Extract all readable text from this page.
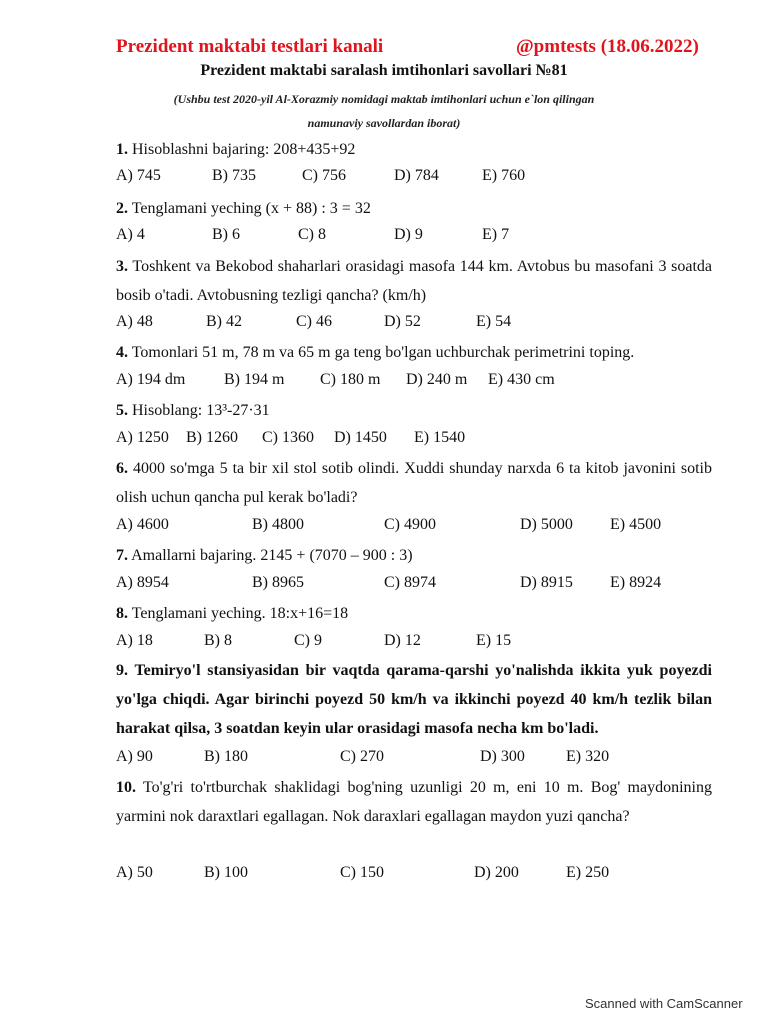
Prezident maktabi testlari kanali	@pmtests (18.06.2022)
Prezident maktabi saralash imtihonlari savollari №81
(Ushbu test 2020-yil Al-Xorazmiy nomidagi maktab imtihonlari uchun e`lon qilingan
namunaviy savollardan iborat)
1. Hisoblashni bajaring: 208+435+92
A) 745	B) 735	C) 756	D) 784	E) 760
2. Tenglamani yeching (x + 88) : 3 = 32
A) 4	B) 6	C) 8	D) 9	E) 7
3. Toshkent va Bekobod shaharlari orasidagi masofa 144 km. Avtobus bu masofani 3 soatda bosib o'tadi. Avtobusning tezligi qancha? (km/h)
A) 48	B) 42	C) 46	D) 52	E) 54
4. Tomonlari 51 m, 78 m va 65 m ga teng bo'lgan uchburchak perimetrini toping.
A) 194 dm B) 194 m C) 180 m D) 240 m E) 430 cm
5. Hisoblang: 13³-27·31
A) 1250 B) 1260 C) 1360 D) 1450 E) 1540
6. 4000 so'mga 5 ta bir xil stol sotib olindi. Xuddi shunday narxda 6 ta kitob javonini sotib olish uchun qancha pul kerak bo'ladi?
A) 4600	B) 4800	C) 4900	D) 5000 E) 4500
7. Amallarni bajaring. 2145 + (7070 – 900 : 3)
A) 8954	B) 8965	C) 8974	D) 8915 E) 8924
8. Tenglamani yeching. 18:x+16=18
A) 18	B) 8	C) 9	D) 12	E) 15
9. Temiryo'l stansiyasidan bir vaqtda qarama-qarshi yo'nalishda ikkita yuk poyezdi yo'lga chiqdi. Agar birinchi poyezd 50 km/h va ikkinchi poyezd 40 km/h tezlik bilan harakat qilsa, 3 soatdan keyin ular orasidagi masofa necha km bo'ladi.
A) 90	B) 180	C) 270	D) 300	E) 320
10. To'g'ri to'rtburchak shaklidagi bog'ning uzunligi 20 m, eni 10 m. Bog' maydonining yarmini nok daraxtlari egallagan. Nok daraxlari egallagan maydon yuzi qancha?
A) 50	B) 100	C) 150	D) 200	E) 250
Scanned with CamScanner
